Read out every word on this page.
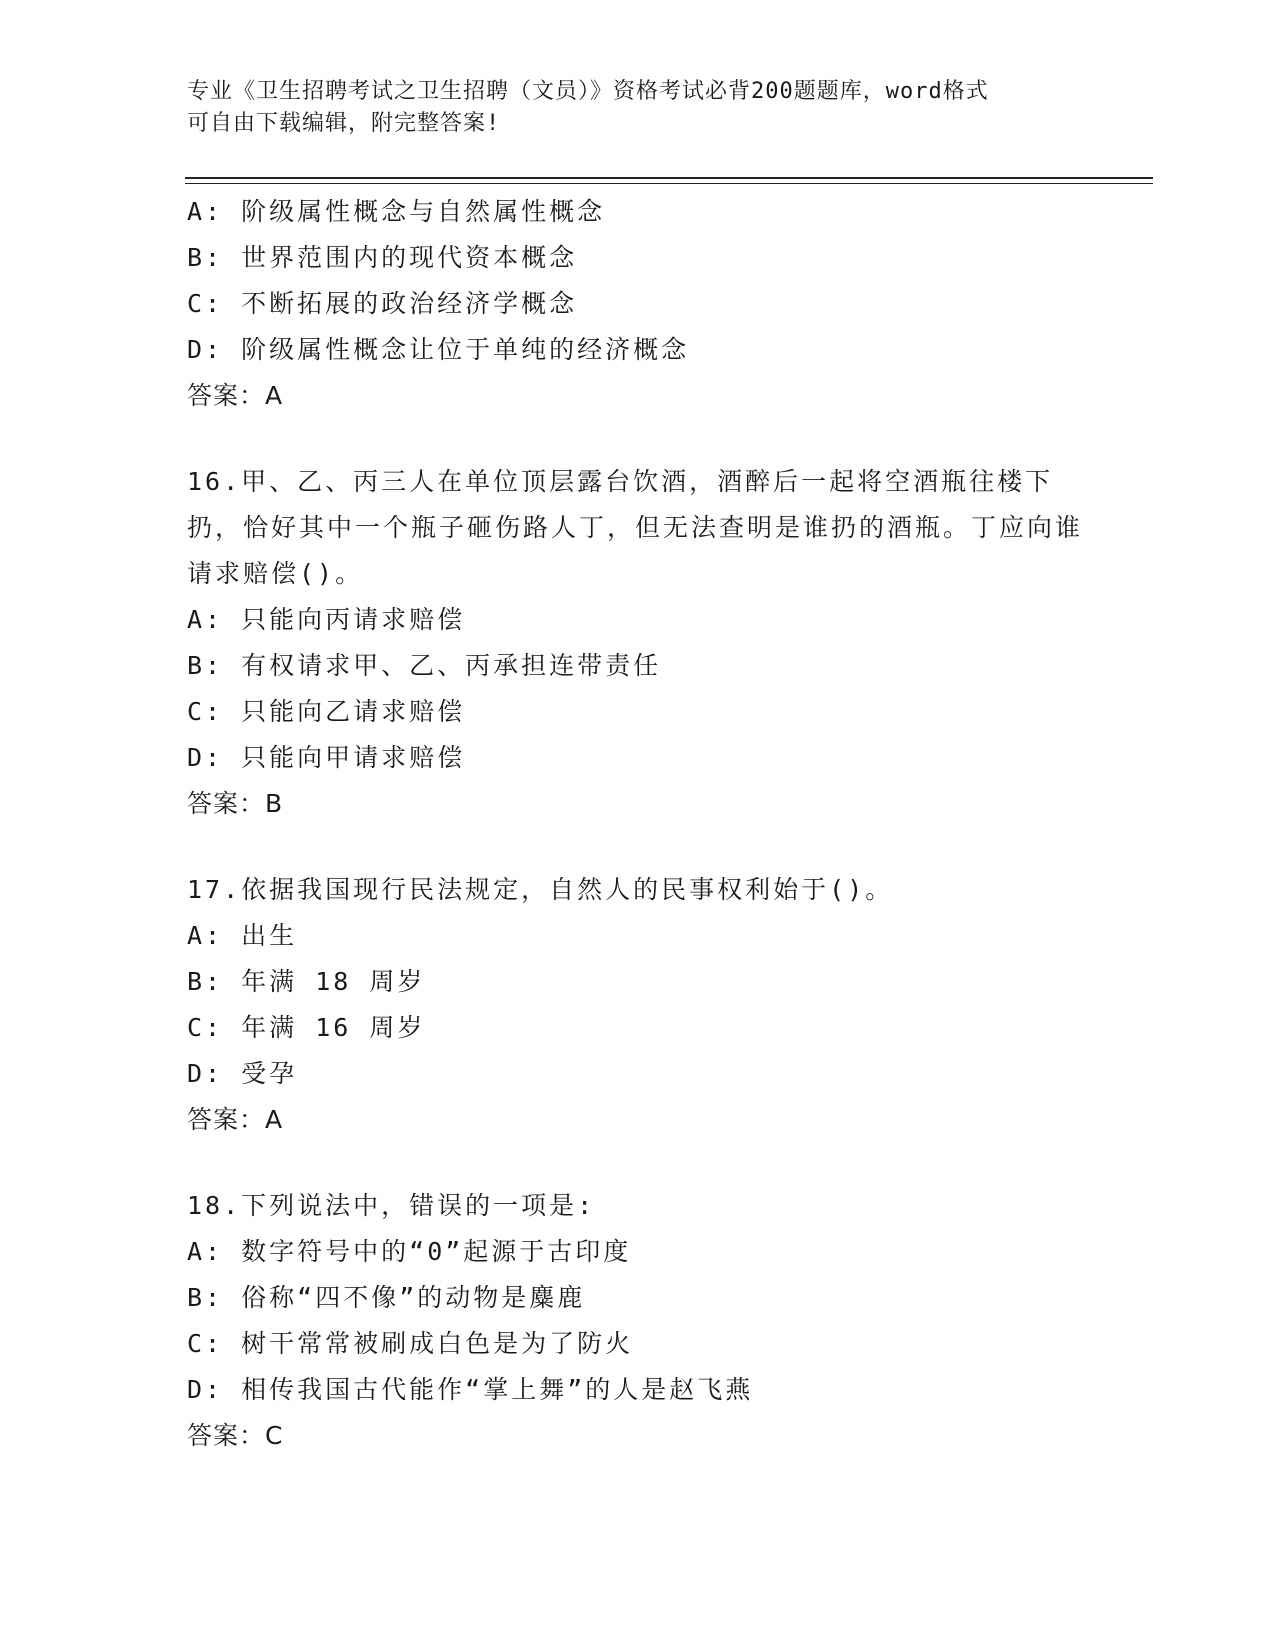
专业《卫生招聘考试之卫生招聘（文员）》资格考试必背200题题库，word格式
可自由下载编辑，附完整答案!
A: 阶级属性概念与自然属性概念
B: 世界范围内的现代资本概念
C: 不断拓展的政治经济学概念
D: 阶级属性概念让位于单纯的经济概念
答案：A
16.甲、乙、丙三人在单位顶层露台饮酒，酒醉后一起将空酒瓶往楼下扔，恰好其中一个瓶子砸伤路人丁，但无法查明是谁扔的酒瓶。丁应向谁请求赔偿()。
A: 只能向丙请求赔偿
B: 有权请求甲、乙、丙承担连带责任
C: 只能向乙请求赔偿
D: 只能向甲请求赔偿
答案：B
17.依据我国现行民法规定，自然人的民事权利始于()。
A: 出生
B: 年满 18 周岁
C: 年满 16 周岁
D: 受孕
答案：A
18.下列说法中，错误的一项是:
A: 数字符号中的“0”起源于古印度
B: 俗称“四不像”的动物是麋鹿
C: 树干常常被刷成白色是为了防火
D: 相传我国古代能作“掌上舞”的人是赵飞燕
答案：C
